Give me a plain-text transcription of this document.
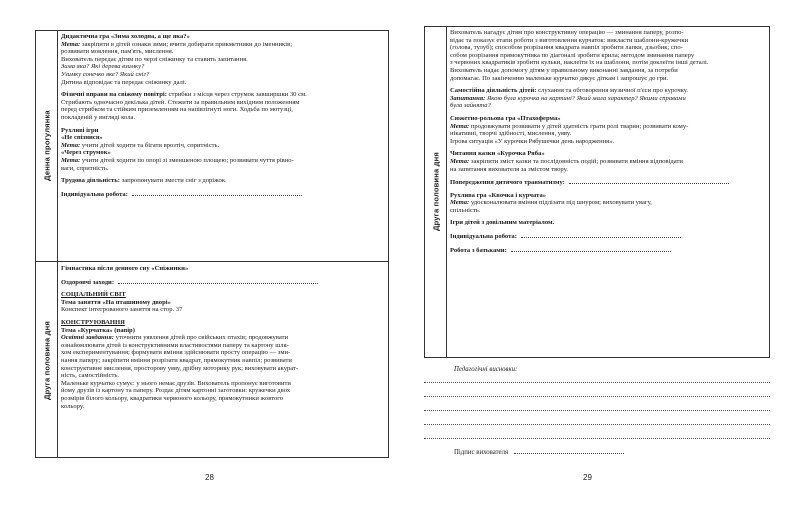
Денна прогулянка
Друга половина дня

Дидактична гра «Зима холодна, а ще яка?»

Мета: закріпити в дітей ознаки зими; вчити добирати прикметники до іменників;

розвивати мовлення, пам'ять, мислення.

Вихователь передає дітям по черзі сніжинку та ставить запитання.

Зима яка? Які дерева взимку?

Узимку сонечко яке? Який сніг?

Дитина відповідає та передає сніжинку далі.

Фізичні вправи на свіжому повітрі: стрибки з місця через струмок завширшки 30 см.

Стрибають одночасно декілька дітей. Стежити за правильним вихідним положенням

перед стрибком та стійким приземленням на напівзігнуті ноги. Ходьба по мотузці,

покладеній у вигляді кола.

Рухливі ігри

«Не спізнися»

Мета: учити дітей ходити та бігати врозтіч, спритність.

«Через струмок»

Мета: учити дітей ходити по опорі зі зменшеною площею; розвивати чуття рівно-

ваги, спритність.

Трудова діяльність: запропонувати змести сніг з доріжок.

Індивідуальна робота:

Гімнастика після денного сну «Сніжинки»

Оздоровчі заходи:

СОЦІАЛЬНИЙ СВІТ

Тема заняття «На пташиному дворі»

Конспект інтегрованого заняття на стор. 37

КОНСТРУЮВАННЯ

Тема «Курчатка» (папір)

Освітні завдання: уточнити уявлення дітей про свійських птахів; продовжувати

ознайомлювати дітей із конструктивними властивостями паперу та картону шля-

хом експериментування; формувати вміння здійснювати просту операцію — зми-

нання паперу; закріпити вміння розрізати квадрат, прямокутник навпіл; розвивати

конструктивне мислення, просторову уяву, дрібну моторику рук; виховувати акурат-

ність, самостійність.

Маленьке курчатко сумує: у нього немає друзів. Вихователь пропонує виготовити

йому друзів із картону та паперу. Роздає дітям картонні заготовки: кружечки двох

розмірів білого кольору, квадратики червоного кольору, прямокутники жовтого

кольору.

28
Друга половина дня

Вихователь нагадує дітям про конструктивну операцію — зминання паперу, розпо-

відає та показує етапи роботи з виготовлення курчаток: викласти шаблони-кружечки

(голова, тулуб); способом розрізання квадрата навпіл зробити лапки, дзьобик; спо-

собом розрізання прямокутника по діагоналі зробити крила; методом зминання паперу

з червоних квадратиків зробити кульки, наклеїти їх на шаблони, потім доклеїти інші деталі.

Вихователь надає допомогу дітям у правильному виконанні завдання, за потреби

допомагає. По закінченню маленьке курчатко дякує діткам і запрошує до гри.

Самостійна діяльність дітей: слухання та обговорення музичної п'єси про курочку.

Запитання: Якою була курочка на картині? Який мала характер? Якими справами

була зайнята?

Сюжетно-рольова гра «Птахоферма»

Мета: продовжувати розвивати у дітей здатність грати ролі тварин; розвивати кому-

нікативні, творчі здібності, мислення, уяву.

Ігрова ситуація «У курочки Рябушечки день народження».

Читання казки «Курочка Ряба»

Мета: закріпити зміст казки та послідовність подій; розвивати вміння відповідати

на запитання вихователя за змістом твору.

Попередження дитячого травматизму:

Рухлива гра «Квочка і курчата»

Мета: удосконалювати вміння підлізати під шнуром; виховувати увагу,

спільність.

Ігри дітей з довільним матеріалом.

Індивідуальна робота:

Робота з батьками:

Педагогічні висновки:
Підпис вихователя
29
